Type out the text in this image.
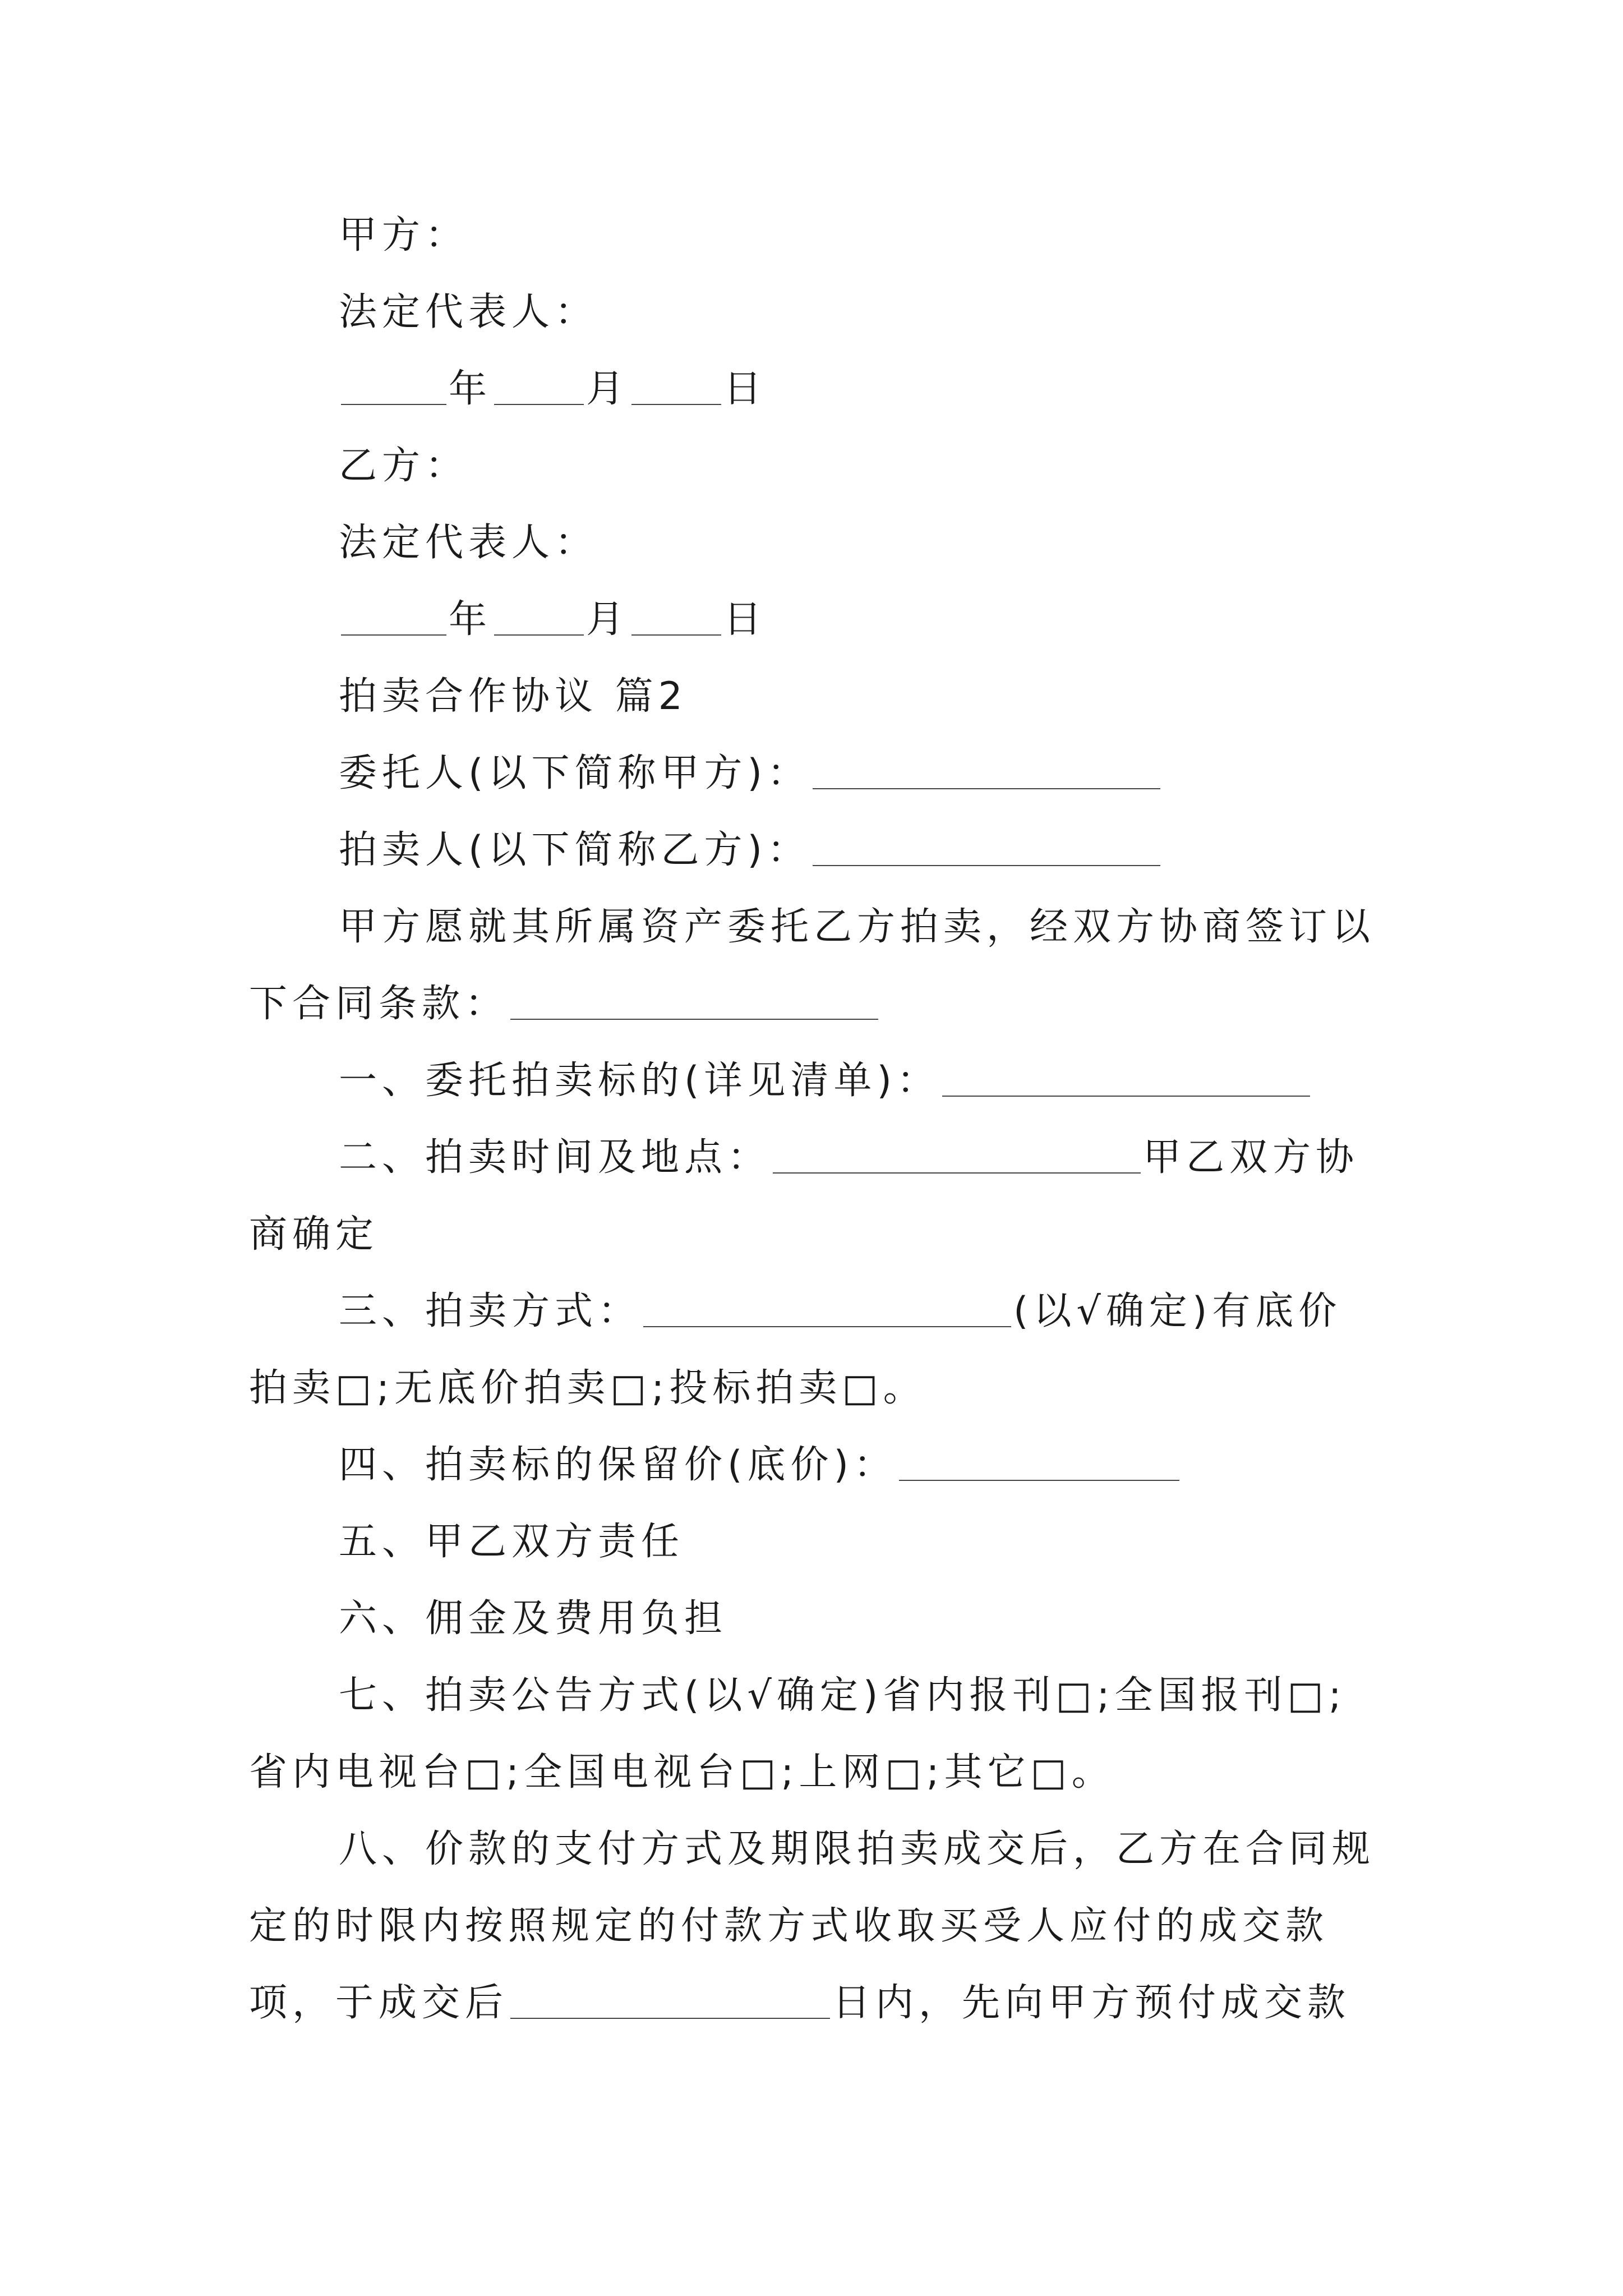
甲方：
法定代表人：
年 月 日
乙方：
法定代表人：
年 月 日
拍卖合作协议 篇2
委托人(以下简称甲方)：
拍卖人(以下简称乙方)：
甲方愿就其所属资产委托乙方拍卖，经双方协商签订以
下合同条款：
一、委托拍卖标的(详见清单)：
二、拍卖时间及地点：	甲乙双方协
商确定
三、拍卖方式：	(以√确定)有底价
拍卖□;无底价拍卖□;投标拍卖□。
四、拍卖标的保留价(底价)：
五、甲乙双方责任
六、佣金及费用负担
七、拍卖公告方式(以√确定)省内报刊□;全国报刊□;
省内电视台□;全国电视台□;上网□;其它□。
八、价款的支付方式及期限拍卖成交后，乙方在合同规
定的时限内按照规定的付款方式收取买受人应付的成交款
项，于成交后	日内，先向甲方预付成交款
